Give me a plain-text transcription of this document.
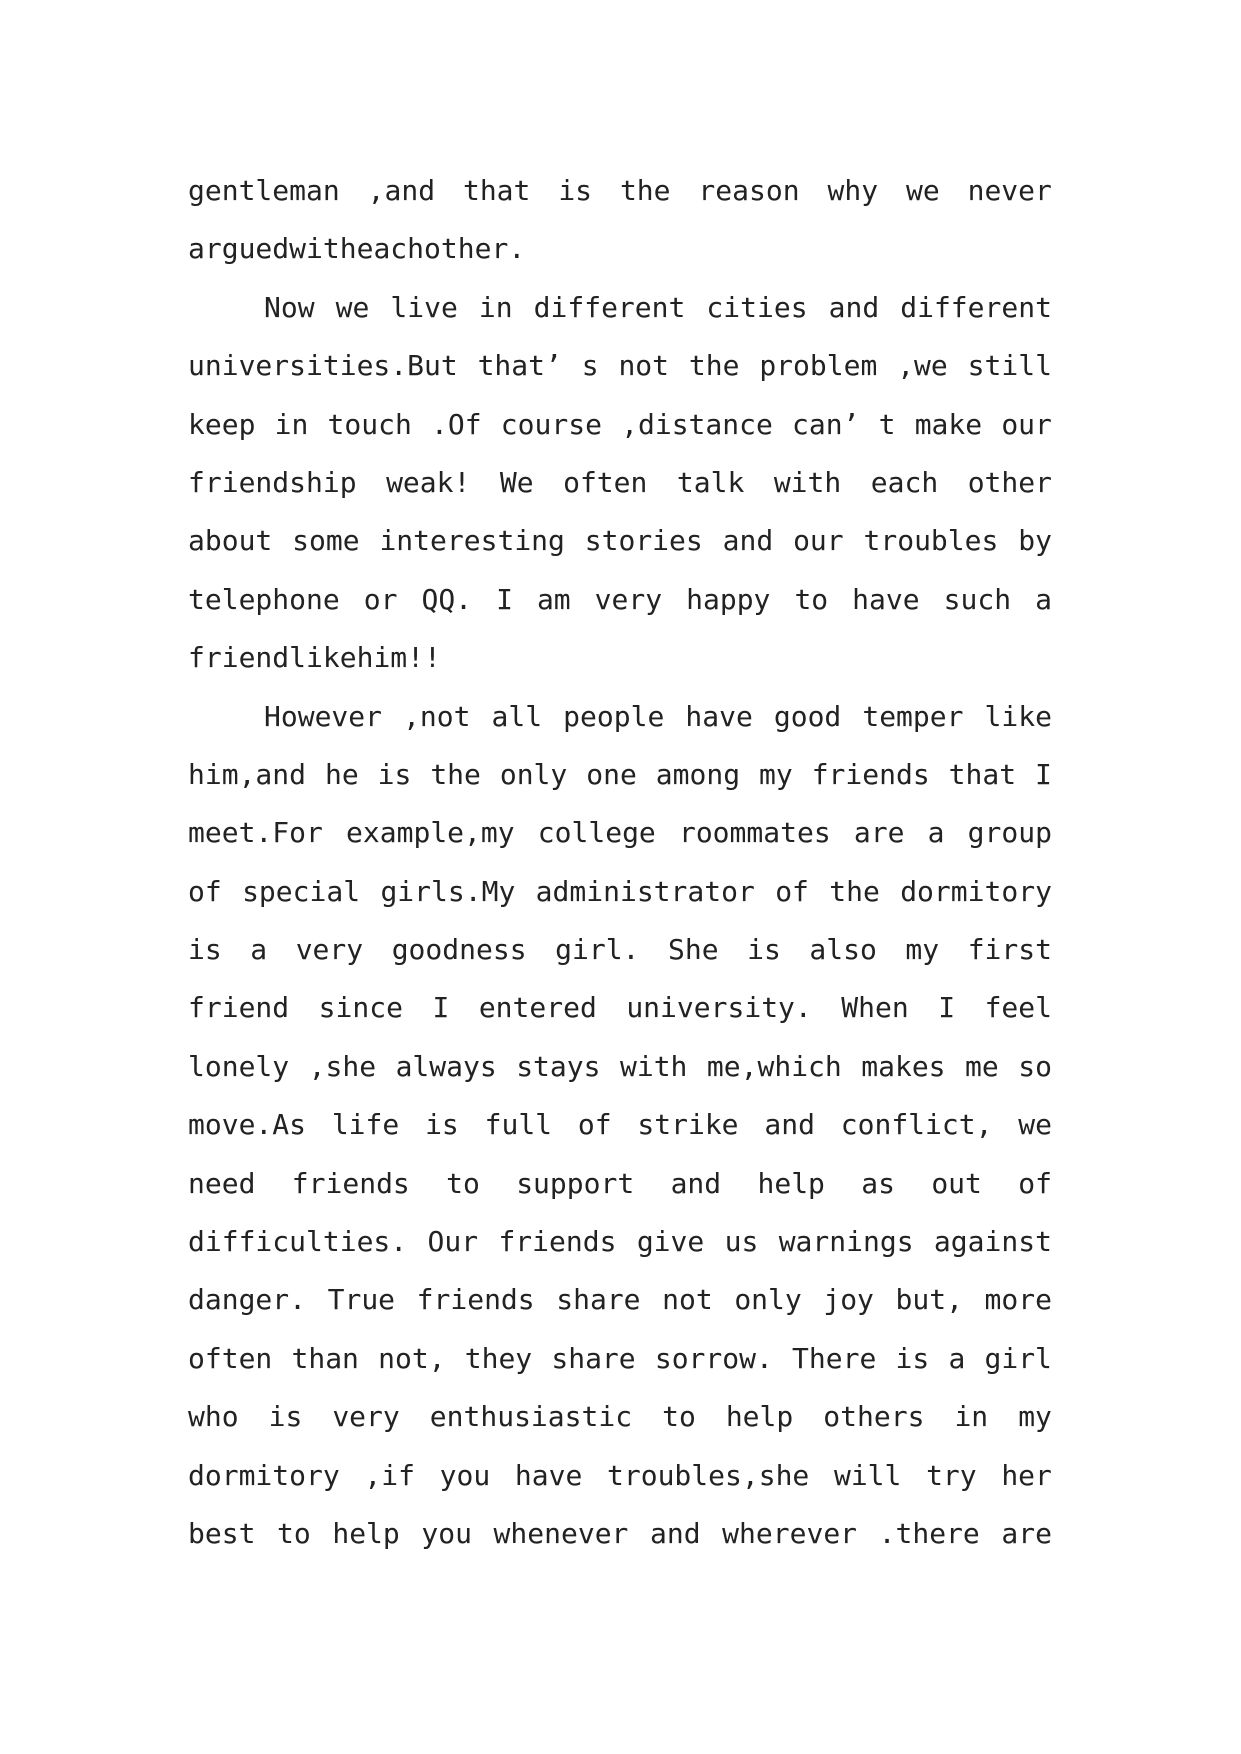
gentleman ,and that is the reason why we never
argued with each other .
Now we live in different cities and different
universities.But that’ s not the problem ,we still
keep in touch .Of course ,distance can’ t make our
friendship weak! We often talk with each other
about some interesting stories and our troubles by
telephone or QQ. I am very happy to have such a
friend like him!!
However ,not all people have good temper like
him,and he is the only one among my friends that I
meet.For example,my college roommates are a group
of special girls.My administrator of the dormitory
is a very goodness girl. She is also my first
friend since I entered university. When I feel
lonely ,she always stays with me,which makes me so
move.As life is full of strike and conflict, we
need friends to support and help as out of
difficulties. Our friends give us warnings against
danger. True friends share not only joy but, more
often than not, they share sorrow. There is a girl
who is very enthusiastic to help others in my
dormitory ,if you have troubles,she will try her
best to help you whenever and wherever .there are
